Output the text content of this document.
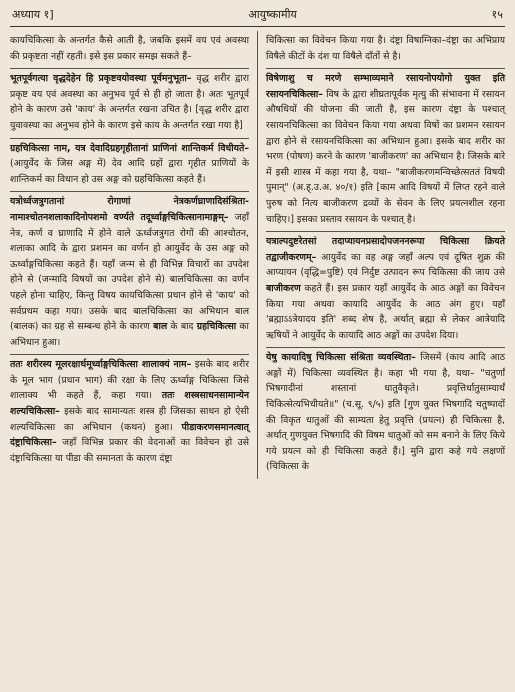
अध्याय १]	आयुष्कामीय	१५

कायचिकित्सा के अन्तर्गत कैसे आती है, जबकि इसमें वय एवं अवस्था की प्रकृष्टता नहीं रहती। इसे इस प्रकार समझ सकते हैं–

भूतपूर्वगत्या वृद्धदेहेन हि प्रकृष्टवयोवस्था पूर्वमनुभूता– वृद्ध शरीर द्वारा प्रकृष्ट वय एवं अवस्था का अनुभव पूर्व से ही हो जाता है। अतः भूतपूर्व होने के कारण उसे 'काय' के अन्तर्गत रखना उचित है। [वृद्ध शरीर द्वारा युवावस्था का अनुभव होने के कारण इसे काय के अन्तर्गत रखा गया है]

ग्रहचिकित्सा नाम, यत्र देवादिग्रहगृहीतानां प्राणिनां शान्तिकर्म विधीयते– (आयुर्वेद के जिस अङ्ग में) देव आदि ग्रहों द्वारा गृहीत प्राणियों के शान्तिकर्म का विधान हो उस अङ्ग को ग्रहचिकित्सा कहते हैं।

यत्रोर्ध्वजत्रुगतानां रोगाणां नेत्रकर्णघ्राणादिसंश्रिता-नामाश्चोतनशलाकादिनोपशमो वर्ण्यते तदूर्ध्वाङ्गचिकित्सानामाङ्गम्– जहाँ नेत्र, कर्ण व घ्राणादि में होने वाले ऊर्ध्वजत्रुगत रोगों की आश्चोतन, शलाका आदि के द्वारा प्रशमन का वर्णन हो आयुर्वेद के उस अङ्ग को ऊर्ध्वाङ्गचिकित्सा कहते हैं। यहाँ जन्म से ही विभिन्न विचारों का उपदेश होने से (जन्मादि विषयों का उपदेश होने से) बालचिकित्सा का वर्णन पहले होना चाहिए, किन्तु विषय कायचिकित्सा प्रधान होने से 'काय' को सर्वप्रथम कहा गया। उसके बाद बालचिकित्सा का अभिधान बाल (बालक) का ग्रह से सम्बन्ध होने के कारण बाल के बाद ग्रहचिकित्सा का अभिधान हुआ।

ततः शरीरस्य मूलरक्षार्थमूर्ध्वाङ्गचिकित्सा शालाक्यं नाम– इसके बाद शरीर के मूल भाग (प्रधान भाग) की रक्षा के लिए ऊर्ध्वाङ्ग चिकित्सा जिसे शालाक्य भी कहते हैं, कहा गया। ततः शस्त्रसाधनसामान्येन शल्यचिकित्सा– इसके बाद सामान्यतः शस्त्र ही जिसका साधन हो ऐसी शल्यचिकित्सा का अभिधान (कथन) हुआ। पीडाकरणसमानत्वात् दंष्ट्राचिकित्सा– जहाँ विभिन्न प्रकार की वेदनाओं का विवेचन हो उसे दंष्ट्राचिकित्सा या पीडा की समानता के कारण दंष्ट्रा

चिकित्सा का विवेचन किया गया है। दंष्ट्रा विषाग्निका–दंष्ट्रा का अभिप्राय विषैले कीटों के दंश या विषैले दाँतों से है।

विषेणाशु च मरणे सम्भाव्यमाने रसायनोपयोगो युक्त इति रसायनचिकित्सा– विष के द्वारा शीघ्रतापूर्वक मृत्यु की संभावना में रसायन औषधियों की योजना की जाती है, इस कारण दंष्ट्रा के पश्चात् रसायनचिकित्सा का विवेचन किया गया अथवा विषों का प्रशमन रसायन द्वारा होने से रसायनचिकित्सा का अभिधान हुआ। इसके बाद शरीर का भरण (पोषण) करने के कारण 'बाजीकरण' का अभिधान है। जिसके बारे में इसी शास्त्र में कहा गया है, यथा– "बाजीकरणमन्विच्छेत्सततं विषयी पुमान्" (अ.ह्.उ.अ. ४०/१) इति [काम आदि विषयों में लिप्त रहने वाले पुरुष को नित्य बाजीकरण द्रव्यों के सेवन के लिए प्रयत्नशील रहना चाहिए।] इसका प्रस्ताव रसायन के पश्चात् है।

यत्राल्पदुष्टरेतसां तदाप्यायनप्रसादोपजननरूपा चिकित्सा क्रियते तद्वाजीकरणम्– आयुर्वेद का वह अङ्ग जहाँ अल्प एवं दूषित शुक्र की आप्यायन (वृद्धि=पुष्टि) एवं निर्दुष्ट उत्पादन रूप चिकित्सा की जाय उसे बाजीकरण कहते हैं। इस प्रकार यहाँ आयुर्वेद के आठ अङ्गों का विवेचन किया गया अथवा कायादि आयुर्वेद के आठ अंग हुए। यहाँ 'ब्रह्माऽऽत्रेयादय इति' शब्द शेष है, अर्थात् ब्रह्मा से लेकर आत्रेयादि ऋषियों ने आयुर्वेद के कायादि आठ अङ्गों का उपदेश दिया।

येषु कायादिषु चिकित्सा संश्रिता व्यवस्थिता– जिसमें (काय आदि आठ अङ्गों में) चिकित्सा व्यवस्थित है। कहा भी गया है, यथा– "चतुर्णां भिषगादीनां शस्तानां धातुवैकृते। प्रवृत्तिर्धातुसाम्यार्थं चिकित्सेत्यभिधीयते॥" (च.सू. ९/५) इति [गुण युक्त भिषगादि चतुष्पादों की विकृत धातुओं की साम्यता हेतु प्रवृत्ति (प्रयत्न) ही चिकित्सा है, अर्थात् गुणयुक्त भिषगादि की विषम धातुओं को सम बनाने के लिए किये गये प्रयत्न को ही चिकित्सा कहते हैं।] मुनि द्वारा कहे गये लक्षणों (चिकित्सा के
